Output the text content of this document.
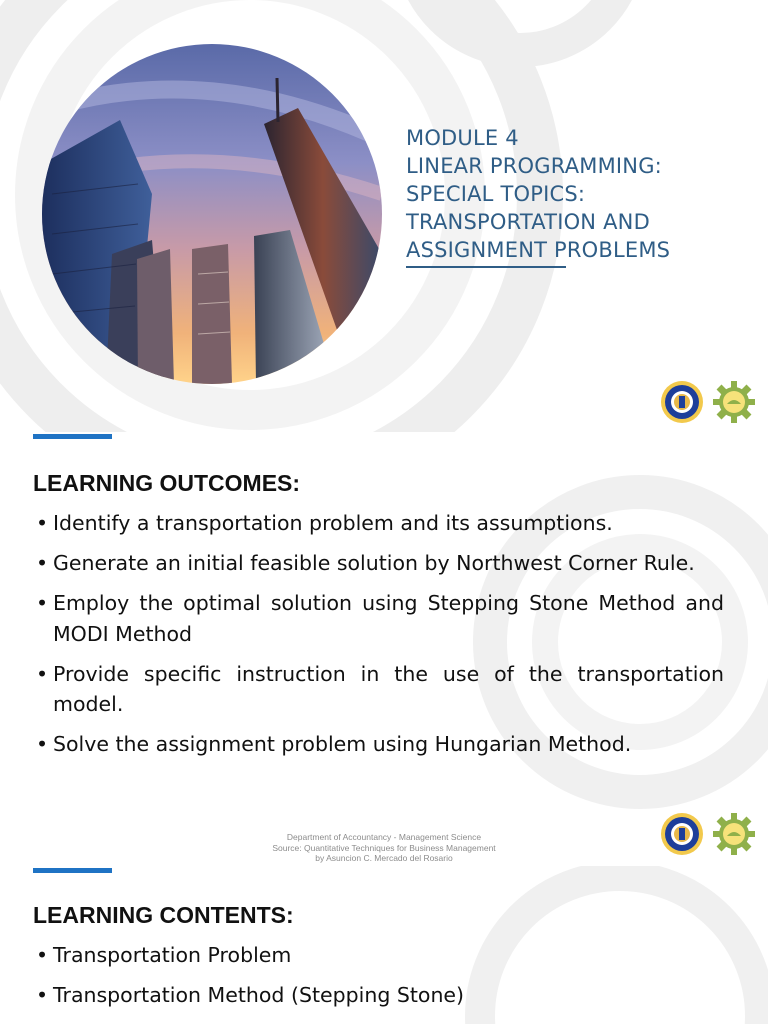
MODULE 4
LINEAR PROGRAMMING:
SPECIAL TOPICS:
TRANSPORTATION AND
ASSIGNMENT PROBLEMS
LEARNING OUTCOMES:
• Identify a transportation problem and its assumptions.
• Generate an initial feasible solution by Northwest Corner Rule.
• Employ the optimal solution using Stepping Stone Method and MODI Method
• Provide specific instruction in the use of the transportation model.
• Solve the assignment problem using Hungarian Method.
Department of Accountancy - Management Science
Source: Quantitative Techniques for Business Management
by Asuncion C. Mercado del Rosario
LEARNING CONTENTS:
• Transportation Problem
• Transportation Method (Stepping Stone)
